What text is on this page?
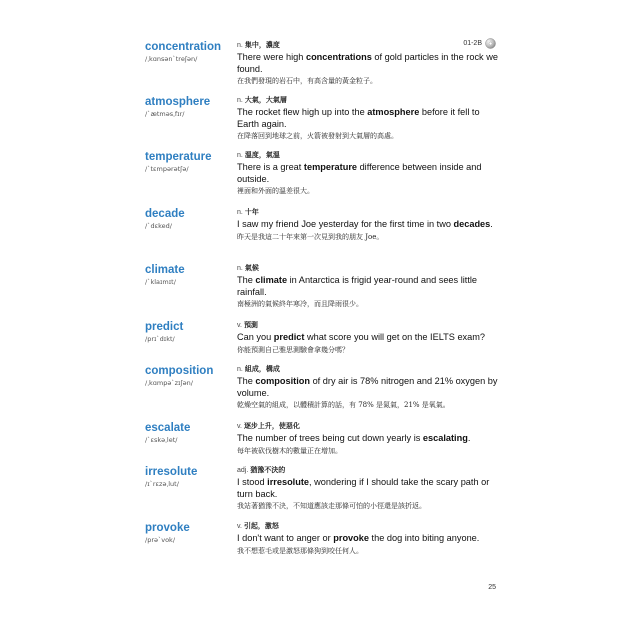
01-2B
concentration
/ˌkɑnsən`treʃən/
n. 集中，濃度
There were high concentrations of gold particles in the rock we found.
在我們發現的岩石中，有高含量的黃金粒子。
atmosphere
/`ætməsˌfɪr/
n. 大氣，大氣層
The rocket flew high up into the atmosphere before it fell to Earth again.
在降落回到地球之前，火箭被發射到大氣層的高處。
temperature
/`tɛmpərətʃə/
n. 溫度，氣溫
There is a great temperature difference between inside and outside.
裡面和外面的溫差很大。
decade
/`dɛked/
n. 十年
I saw my friend Joe yesterday for the first time in two decades.
昨天是我這二十年來第一次見到我的朋友 Joe。
climate
/`klaɪmɪt/
n. 氣候
The climate in Antarctica is frigid year-round and sees little rainfall.
南極洲的氣候終年寒冷，而且降雨很少。
predict
/prɪ`dɪkt/
v. 預測
Can you predict what score you will get on the IELTS exam?
你能預測自己雅思測驗會拿幾分嗎？
composition
/ˌkɑmpə`zɪʃən/
n. 組成，構成
The composition of dry air is 78% nitrogen and 21% oxygen by volume.
乾燥空氣的組成，以體積計算的話，有 78% 是氮氣，21% 是氧氣。
escalate
/`ɛskəˌlet/
v. 逐步上升，使惡化
The number of trees being cut down yearly is escalating.
每年被砍伐樹木的數量正在增加。
irresolute
/ɪ`rɛzəˌlut/
adj. 猶豫不決的
I stood irresolute, wondering if I should take the scary path or turn back.
我站著猶豫不決，不知道應該走那條可怕的小徑還是該折返。
provoke
/prə`vok/
v. 引起，激怒
I don't want to anger or provoke the dog into biting anyone.
我不想惹毛或是激怒那條狗到咬任何人。
25
